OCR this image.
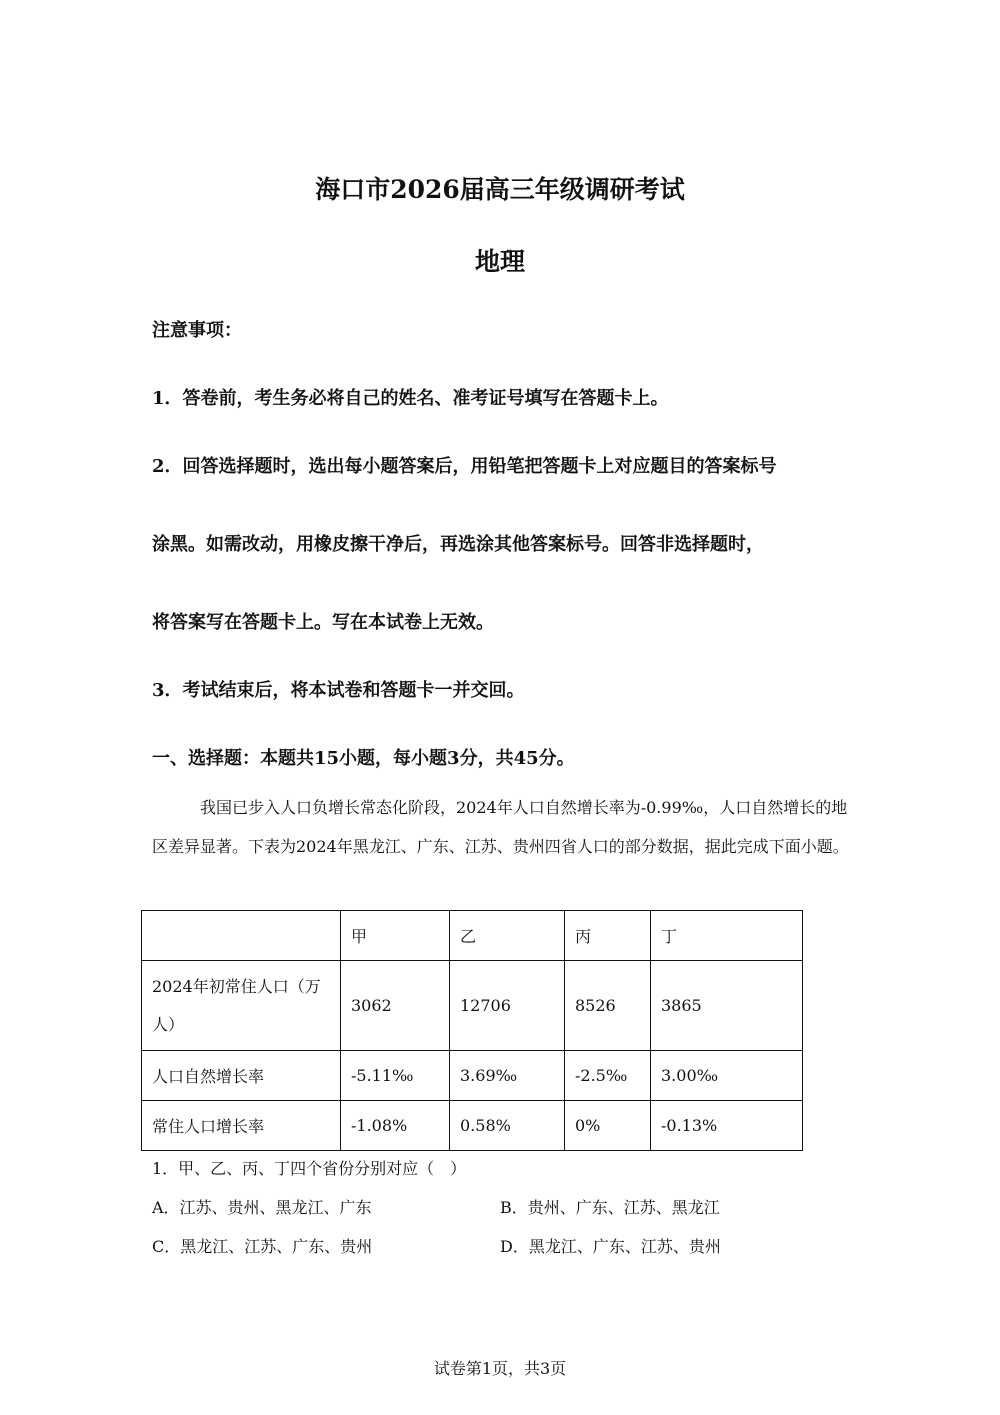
海口市2026届高三年级调研考试
地理
注意事项：
1．答卷前，考生务必将自己的姓名、准考证号填写在答题卡上。
2．回答选择题时，选出每小题答案后，用铅笔把答题卡上对应题目的答案标号
涂黑。如需改动，用橡皮擦干净后，再选涂其他答案标号。回答非选择题时，
将答案写在答题卡上。写在本试卷上无效。
3．考试结束后，将本试卷和答题卡一并交回。
一、选择题：本题共15小题，每小题3分，共45分。
我国已步入人口负增长常态化阶段，2024年人口自然增长率为-0.99‰，人口自然增长的地区差异显著。下表为2024年黑龙江、广东、江苏、贵州四省人口的部分数据，据此完成下面小题。
	甲	乙	丙	丁
2024年初常住人口（万人）	3062	12706	8526	3865
人口自然增长率	-5.11‰	3.69‰	-2.5‰	3.00‰
常住人口增长率	-1.08%	0.58%	0%	-0.13%
1．甲、乙、丙、丁四个省份分别对应（　）
A．江苏、贵州、黑龙江、广东	B．贵州、广东、江苏、黑龙江
C．黑龙江、江苏、广东、贵州	D．黑龙江、广东、江苏、贵州
试卷第1页，共3页
